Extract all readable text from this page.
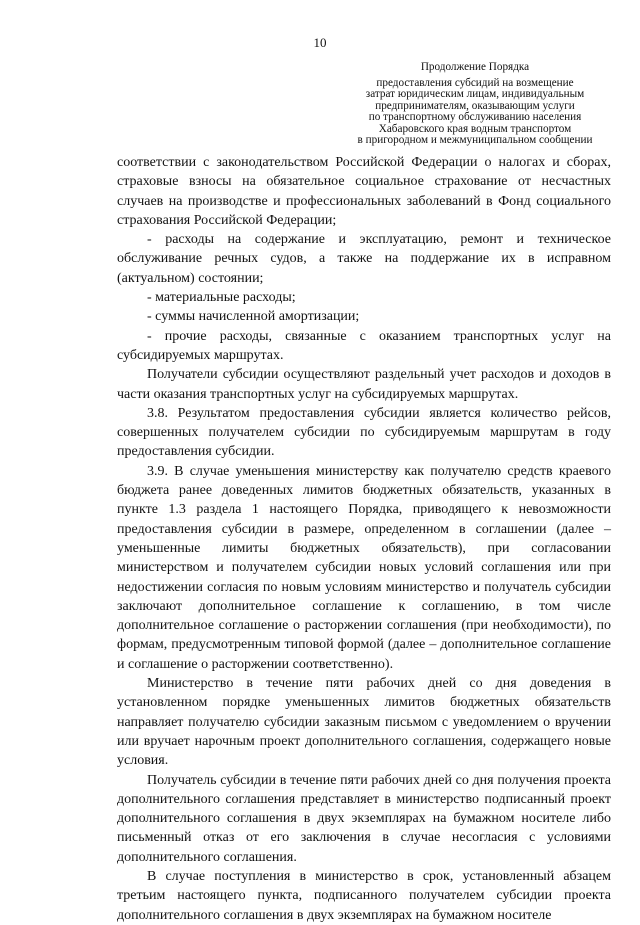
10
Продолжение Порядка
предоставления субсидий на возмещение
затрат юридическим лицам, индивидуальным
предпринимателям, оказывающим услуги
по транспортному обслуживанию населения
Хабаровского края водным транспортом
в пригородном и межмуниципальном сообщении

соответствии с законодательством Российской Федерации о налогах и сборах, страховые взносы на обязательное социальное страхование от несчастных случаев на производстве и профессиональных заболеваний в Фонд социального страхования Российской Федерации;

- расходы на содержание и эксплуатацию, ремонт и техническое обслуживание речных судов, а также на поддержание их в исправном (актуальном) состоянии;

- материальные расходы;

- суммы начисленной амортизации;

- прочие расходы, связанные с оказанием транспортных услуг на субсидируемых маршрутах.

Получатели субсидии осуществляют раздельный учет расходов и доходов в части оказания транспортных услуг на субсидируемых маршрутах.

3.8. Результатом предоставления субсидии является количество рейсов, совершенных получателем субсидии по субсидируемым маршрутам в году предоставления субсидии.

3.9. В случае уменьшения министерству как получателю средств краевого бюджета ранее доведенных лимитов бюджетных обязательств, указанных в пункте 1.3 раздела 1 настоящего Порядка, приводящего к невозможности предоставления субсидии в размере, определенном в соглашении (далее – уменьшенные лимиты бюджетных обязательств), при согласовании министерством и получателем субсидии новых условий соглашения или при недостижении согласия по новым условиям министерство и получатель субсидии заключают дополнительное соглашение к соглашению, в том числе дополнительное соглашение о расторжении соглашения (при необходимости), по формам, предусмотренным типовой формой (далее – дополнительное соглашение и соглашение о расторжении соответственно).

Министерство в течение пяти рабочих дней со дня доведения в установленном порядке уменьшенных лимитов бюджетных обязательств направляет получателю субсидии заказным письмом с уведомлением о вручении или вручает нарочным проект дополнительного соглашения, содержащего новые условия.

Получатель субсидии в течение пяти рабочих дней со дня получения проекта дополнительного соглашения представляет в министерство подписанный проект дополнительного соглашения в двух экземплярах на бумажном носителе либо письменный отказ от его заключения в случае несогласия с условиями дополнительного соглашения.

В случае поступления в министерство в срок, установленный абзацем третьим настоящего пункта, подписанного получателем субсидии проекта дополнительного соглашения в двух экземплярах на бумажном носителе
